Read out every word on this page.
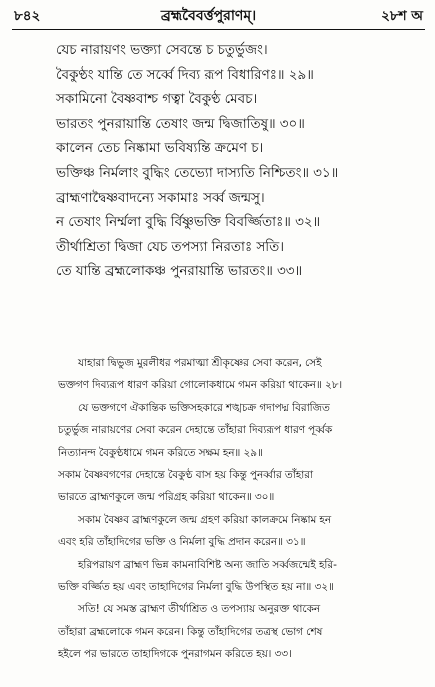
৮৪২	ব্রহ্মবৈবর্ত্তপুরাণম্।	২৮শ অ
যেচ নারায়ণং ভক্ত্যা সেবন্তে চ চতুর্ভুজং।
বৈকুণ্ঠং যান্তি তে সর্ব্বে দিব্য রূপ বিধারিণঃ॥ ২৯॥
সকামিনো বৈষ্ণবাশ্চ গত্বা বৈকুণ্ঠ মেবচ।
ভারতং পুনরায়ান্তি তেষাং জন্ম দ্বিজাতিষু॥ ৩০॥
কালেন তেচ নিষ্কামা ভবিষ্যন্তি ক্রমেণ চ।
ভক্তিঞ্চ নির্মলাং বুদ্ধিং তেভ্যো দাস্যতি নিশ্চিতং॥ ৩১॥
ব্রাহ্মণাদ্বৈষ্ণবাদন্যে সকামাঃ সর্ব্ব জন্মসু।
ন তেষাং নির্ম্মলা বুদ্ধি র্বিষ্ণুভক্তি বিবর্জ্জিতাঃ॥ ৩২॥
তীর্থাশ্রিতা দ্বিজা যেচ তপস্যা নিরতাঃ সতি।
তে যান্তি ব্রহ্মলোকঞ্চ পুনরায়ান্তি ভারতং॥ ৩৩॥
যাহারা দ্বিভুজ মুরলীধর পরমাত্মা শ্রীকৃষ্ণের সেবা করেন, সেই
ভক্তগণ দিব্যরূপ ধারণ করিয়া গোলোকধামে গমন করিয়া থাকেন॥ ২৮।
যে ভক্তগণে ঐকান্তিক ভক্তিসহকারে শঙ্খচক্র গদাপদ্ম বিরাজিত
চতুর্ভুজ নারায়ণের সেবা করেন দেহান্তে তাঁহারা দিব্যরূপ ধারণ পূর্ব্বক
নিত্যানন্দ বৈকুণ্ঠধামে গমন করিতে সক্ষম হন॥ ২৯॥
সকাম বৈষ্ণবগণের দেহান্তে বৈকুণ্ঠ বাস হয় কিন্তু পুনর্ব্বার তাঁহারা
ভারতে ব্রাহ্মণকুলে জন্ম পরিগ্রহ করিয়া থাকেন॥ ৩০॥
সকাম বৈষ্ণব ব্রাহ্মণকুলে জন্ম গ্রহণ করিয়া কালক্রমে নিষ্কাম হন
এবং হরি তাঁহাদিগের ভক্তি ও নির্মলা বুদ্ধি প্রদান করেন॥ ৩১॥
হরিপরায়ণ ব্রাহ্মণ ভিন্ন কামনাবিশিষ্ট অন্য জাতি সর্ব্বজন্মেই হরি-
ভক্তি বর্জ্জিত হয় এবং তাহাদিগের নির্মলা বুদ্ধি উপস্থিত হয় না॥ ৩২॥
সতি! যে সমস্ত ব্রাহ্মণ তীর্থাশ্রিত ও তপস্যায় অনুরক্ত থাকেন
তাঁহারা ব্রহ্মলোকে গমন করেন। কিন্তু তাঁহাদিগের তত্রস্থ ভোগ শেষ
হইলে পর ভারতে তাহাদিগকে পুনরাগমন করিতে হয়। ৩৩।
